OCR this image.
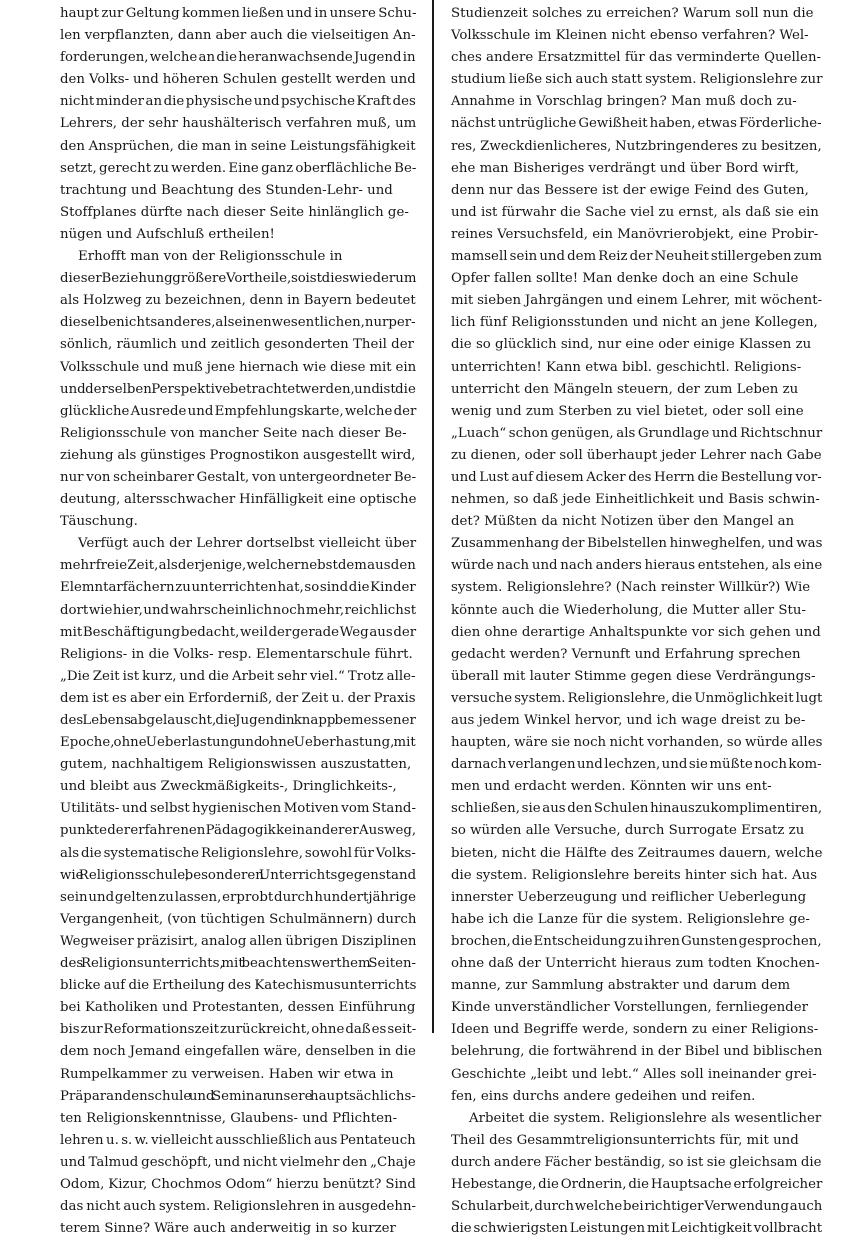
haupt zur Geltung kommen ließen und in unsere Schu-
len verpflanzten, dann aber auch die vielseitigen An-
forderungen, welche an die heranwachsende Jugend in
den Volks- und höheren Schulen gestellt werden und
nicht minder an die physische und psychische Kraft des
Lehrers, der sehr haushälterisch verfahren muß, um
den Ansprüchen, die man in seine Leistungsfähigkeit
setzt, gerecht zu werden. Eine ganz oberflächliche Be-
trachtung und Beachtung des Stunden-Lehr- und
Stoffplanes dürfte nach dieser Seite hinlänglich ge-
nügen und Aufschluß ertheilen!
Erhofft man von der Religionsschule in
dieser Beziehung größere Vortheile, so ist dies wiederum
als Holzweg zu bezeichnen, denn in Bayern bedeutet
dieselbe nichts anderes, als einen wesentlichen, nur per-
sönlich, räumlich und zeitlich gesonderten Theil der
Volksschule und muß jene hiernach wie diese mit ein
und derselben Perspektive betrachtet werden, und ist die
glückliche Ausrede und Empfehlungskarte, welche der
Religionsschule von mancher Seite nach dieser Be-
ziehung als günstiges Prognostikon ausgestellt wird,
nur von scheinbarer Gestalt, von untergeordneter Be-
deutung, altersschwacher Hinfälligkeit eine optische
Täuschung.
Verfügt auch der Lehrer dortselbst vielleicht über
mehr freie Zeit, als derjenige, welcher nebstdem aus den
Elemntarfächern zu unterrichten hat, so sind die Kinder
dort wie hier, und wahrscheinlich noch mehr, reichlichst
mit Beschäftigung bedacht, weil der gerade Weg aus der
Religions- in die Volks- resp. Elementarschule führt.
„Die Zeit ist kurz, und die Arbeit sehr viel.“ Trotz alle-
dem ist es aber ein Erforderniß, der Zeit u. der Praxis
des Lebens abgelauscht, die Jugend in knapp bemessener
Epoche, ohne Ueberlastung und ohne Ueberhastung, mit
gutem, nachhaltigem Religionswissen auszustatten,
und bleibt aus Zweckmäßigkeits-, Dringlichkeits-,
Utilitäts- und selbst hygienischen Motiven vom Stand-
punkte der erfahrenen Pädagogik kein anderer Ausweg,
als die systematische Religionslehre, sowohl für Volks-
wie Religionsschule, besonderen Unterrichtsgegenstand
sein und gelten zu lassen, erprobt durch hundertjährige
Vergangenheit, (von tüchtigen Schulmännern) durch
Wegweiser präzisirt, analog allen übrigen Disziplinen
des Religionsunterrichts, mit beachtenswerthem Seiten-
blicke auf die Ertheilung des Katechismusunterrichts
bei Katholiken und Protestanten, dessen Einführung
bis zur Reformationszeit zurückreicht, ohne daß es seit-
dem noch Jemand eingefallen wäre, denselben in die
Rumpelkammer zu verweisen. Haben wir etwa in
Präparandenschule und Seminar unsere hauptsächlichs-
ten Religionskenntnisse, Glaubens- und Pflichten-
lehren u. s. w. vielleicht ausschließlich aus Pentateuch
und Talmud geschöpft, und nicht vielmehr den „Chaje
Odom, Kizur, Chochmos Odom“ hierzu benützt? Sind
das nicht auch system. Religionslehren in ausgedehn-
terem Sinne? Wäre auch anderweitig in so kurzer
Studienzeit solches zu erreichen? Warum soll nun die
Volksschule im Kleinen nicht ebenso verfahren? Wel-
ches andere Ersatzmittel für das verminderte Quellen-
studium ließe sich auch statt system. Religionslehre zur
Annahme in Vorschlag bringen? Man muß doch zu-
nächst untrügliche Gewißheit haben, etwas Förderliche-
res, Zweckdienlicheres, Nutzbringenderes zu besitzen,
ehe man Bisheriges verdrängt und über Bord wirft,
denn nur das Bessere ist der ewige Feind des Guten,
und ist fürwahr die Sache viel zu ernst, als daß sie ein
reines Versuchsfeld, ein Manövrierobjekt, eine Probir-
mamsell sein und dem Reiz der Neuheit stillergeben zum
Opfer fallen sollte! Man denke doch an eine Schule
mit sieben Jahrgängen und einem Lehrer, mit wöchent-
lich fünf Religionsstunden und nicht an jene Kollegen,
die so glücklich sind, nur eine oder einige Klassen zu
unterrichten! Kann etwa bibl. geschichtl. Religions-
unterricht den Mängeln steuern, der zum Leben zu
wenig und zum Sterben zu viel bietet, oder soll eine
„Luach“ schon genügen, als Grundlage und Richtschnur
zu dienen, oder soll überhaupt jeder Lehrer nach Gabe
und Lust auf diesem Acker des Herrn die Bestellung vor-
nehmen, so daß jede Einheitlichkeit und Basis schwin-
det? Müßten da nicht Notizen über den Mangel an
Zusammenhang der Bibelstellen hinweghelfen, und was
würde nach und nach anders hieraus entstehen, als eine
system. Religionslehre? (Nach reinster Willkür?) Wie
könnte auch die Wiederholung, die Mutter aller Stu-
dien ohne derartige Anhaltspunkte vor sich gehen und
gedacht werden? Vernunft und Erfahrung sprechen
überall mit lauter Stimme gegen diese Verdrängungs-
versuche system. Religionslehre, die Unmöglichkeit lugt
aus jedem Winkel hervor, und ich wage dreist zu be-
haupten, wäre sie noch nicht vorhanden, so würde alles
darnach verlangen und lechzen, und sie müßte noch kom-
men und erdacht werden. Könnten wir uns ent-
schließen, sie aus den Schulen hinauszukomplimentiren,
so würden alle Versuche, durch Surrogate Ersatz zu
bieten, nicht die Hälfte des Zeitraumes dauern, welche
die system. Religionslehre bereits hinter sich hat. Aus
innerster Ueberzeugung und reiflicher Ueberlegung
habe ich die Lanze für die system. Religionslehre ge-
brochen, die Entscheidung zu ihren Gunsten gesprochen,
ohne daß der Unterricht hieraus zum todten Knochen-
manne, zur Sammlung abstrakter und darum dem
Kinde unverständlicher Vorstellungen, fernliegender
Ideen und Begriffe werde, sondern zu einer Religions-
belehrung, die fortwährend in der Bibel und biblischen
Geschichte „leibt und lebt.“ Alles soll ineinander grei-
fen, eins durchs andere gedeihen und reifen.
Arbeitet die system. Religionslehre als wesentlicher
Theil des Gesammtreligionsunterrichts für, mit und
durch andere Fächer beständig, so ist sie gleichsam die
Hebestange, die Ordnerin, die Hauptsache erfolgreicher
Schularbeit, durch welche bei richtiger Verwendung auch
die schwierigsten Leistungen mit Leichtigkeit vollbracht
